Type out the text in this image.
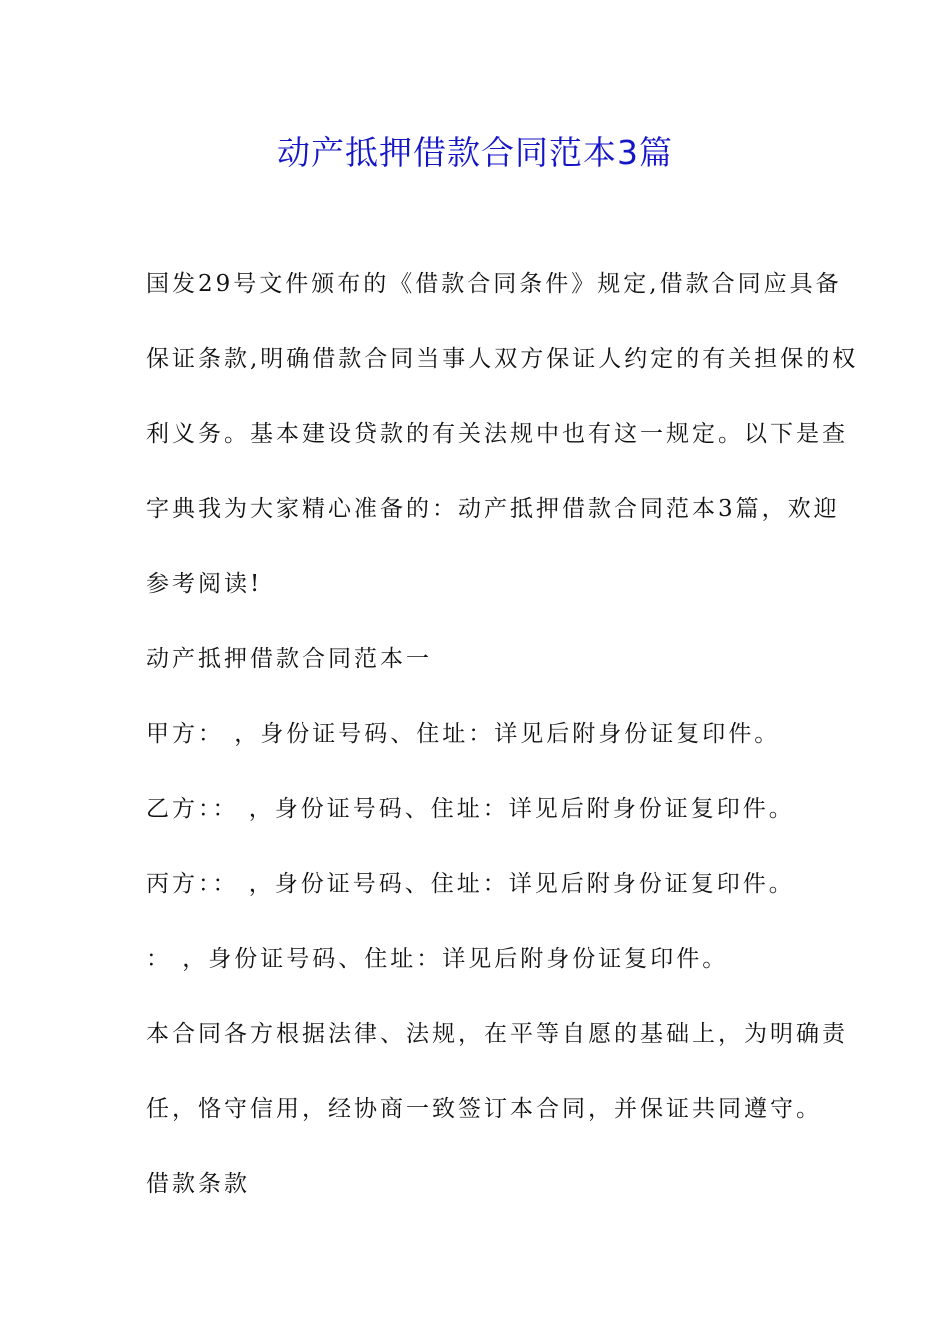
动产抵押借款合同范本3篇

国发29号文件颁布的《借款合同条件》规定,借款合同应具备

保证条款,明确借款合同当事人双方保证人约定的有关担保的权

利义务。基本建设贷款的有关法规中也有这一规定。以下是查

字典我为大家精心准备的：动产抵押借款合同范本3篇，欢迎

参考阅读!

动产抵押借款合同范本一

甲方： ，身份证号码、住址：详见后附身份证复印件。

乙方：： ，身份证号码、住址：详见后附身份证复印件。

丙方：： ，身份证号码、住址：详见后附身份证复印件。

： ，身份证号码、住址：详见后附身份证复印件。

本合同各方根据法律、法规，在平等自愿的基础上，为明确责

任，恪守信用，经协商一致签订本合同，并保证共同遵守。

借款条款
